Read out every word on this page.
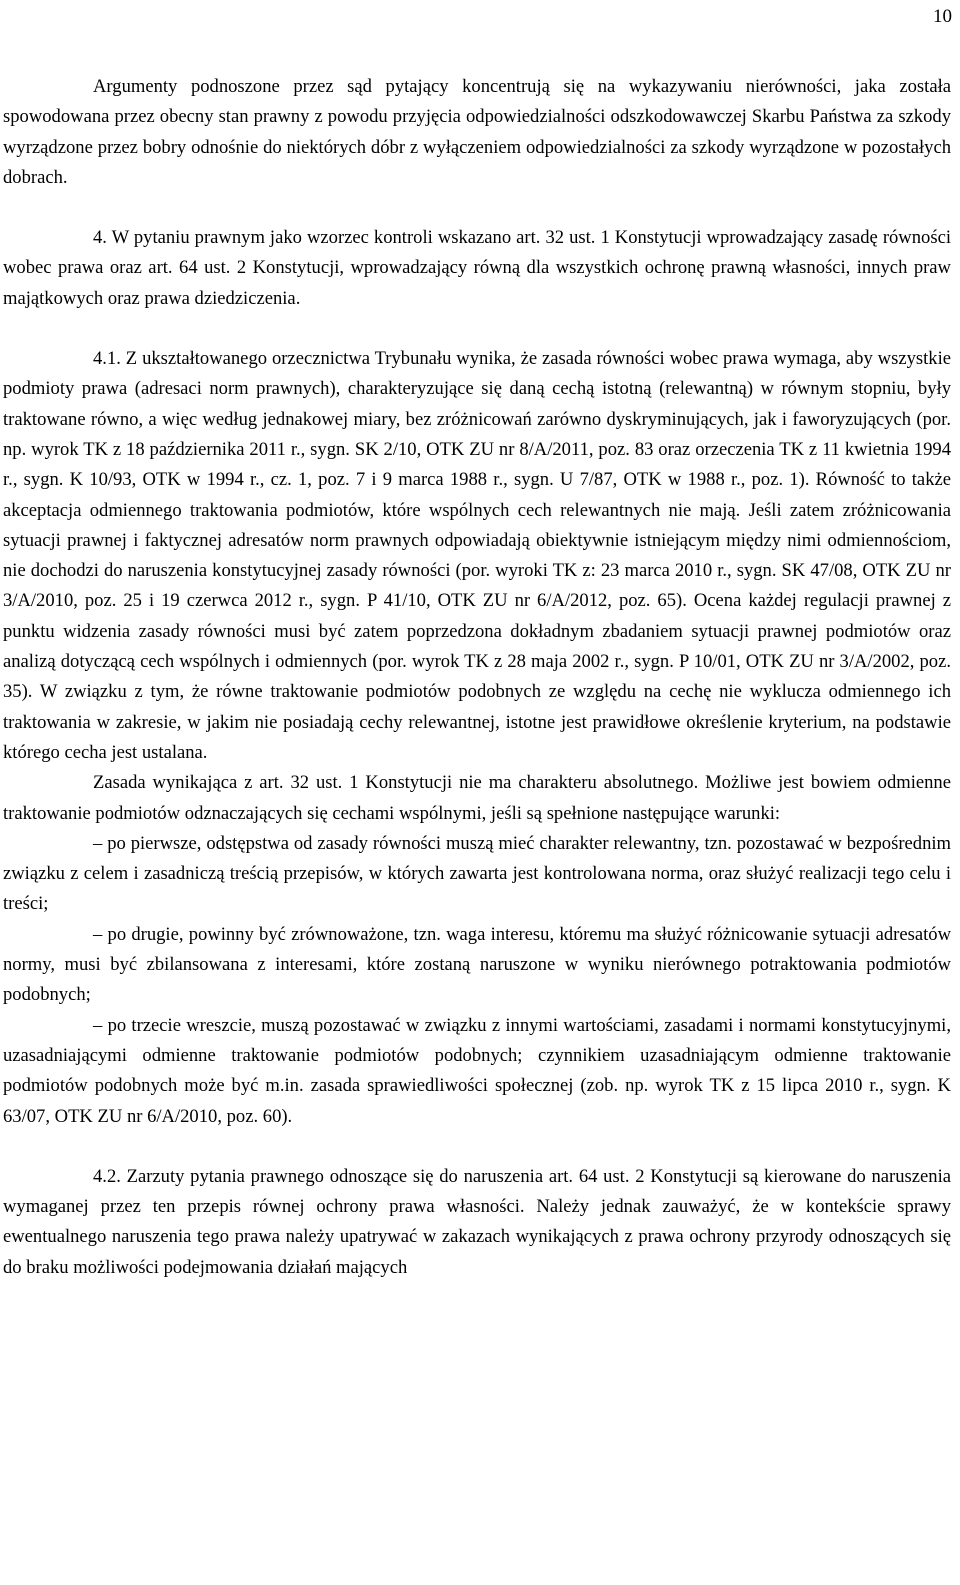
10

Argumenty podnoszone przez sąd pytający koncentrują się na wykazywaniu nierówności, jaka została spowodowana przez obecny stan prawny z powodu przyjęcia odpowiedzialności odszkodowawczej Skarbu Państwa za szkody wyrządzone przez bobry odnośnie do niektórych dóbr z wyłączeniem odpowiedzialności za szkody wyrządzone w pozostałych dobrach.

4. W pytaniu prawnym jako wzorzec kontroli wskazano art. 32 ust. 1 Konstytucji wprowadzający zasadę równości wobec prawa oraz art. 64 ust. 2 Konstytucji, wprowadzający równą dla wszystkich ochronę prawną własności, innych praw majątkowych oraz prawa dziedziczenia.

4.1. Z ukształtowanego orzecznictwa Trybunału wynika, że zasada równości wobec prawa wymaga, aby wszystkie podmioty prawa (adresaci norm prawnych), charakteryzujące się daną cechą istotną (relewantną) w równym stopniu, były traktowane równo, a więc według jednakowej miary, bez zróżnicowań zarówno dyskryminujących, jak i faworyzujących (por. np. wyrok TK z 18 października 2011 r., sygn. SK 2/10, OTK ZU nr 8/A/2011, poz. 83 oraz orzeczenia TK z 11 kwietnia 1994 r., sygn. K 10/93, OTK w 1994 r., cz. 1, poz. 7 i 9 marca 1988 r., sygn. U 7/87, OTK w 1988 r., poz. 1). Równość to także akceptacja odmiennego traktowania podmiotów, które wspólnych cech relewantnych nie mają. Jeśli zatem zróżnicowania sytuacji prawnej i faktycznej adresatów norm prawnych odpowiadają obiektywnie istniejącym między nimi odmiennościom, nie dochodzi do naruszenia konstytucyjnej zasady równości (por. wyroki TK z: 23 marca 2010 r., sygn. SK 47/08, OTK ZU nr 3/A/2010, poz. 25 i 19 czerwca 2012 r., sygn. P 41/10, OTK ZU nr 6/A/2012, poz. 65). Ocena każdej regulacji prawnej z punktu widzenia zasady równości musi być zatem poprzedzona dokładnym zbadaniem sytuacji prawnej podmiotów oraz analizą dotyczącą cech wspólnych i odmiennych (por. wyrok TK z 28 maja 2002 r., sygn. P 10/01, OTK ZU nr 3/A/2002, poz. 35). W związku z tym, że równe traktowanie podmiotów podobnych ze względu na cechę nie wyklucza odmiennego ich traktowania w zakresie, w jakim nie posiadają cechy relewantnej, istotne jest prawidłowe określenie kryterium, na podstawie którego cecha jest ustalana.

Zasada wynikająca z art. 32 ust. 1 Konstytucji nie ma charakteru absolutnego. Możliwe jest bowiem odmienne traktowanie podmiotów odznaczających się cechami wspólnymi, jeśli są spełnione następujące warunki:

– po pierwsze, odstępstwa od zasady równości muszą mieć charakter relewantny, tzn. pozostawać w bezpośrednim związku z celem i zasadniczą treścią przepisów, w których zawarta jest kontrolowana norma, oraz służyć realizacji tego celu i treści;

– po drugie, powinny być zrównoważone, tzn. waga interesu, któremu ma służyć różnicowanie sytuacji adresatów normy, musi być zbilansowana z interesami, które zostaną naruszone w wyniku nierównego potraktowania podmiotów podobnych;

– po trzecie wreszcie, muszą pozostawać w związku z innymi wartościami, zasadami i normami konstytucyjnymi, uzasadniającymi odmienne traktowanie podmiotów podobnych; czynnikiem uzasadniającym odmienne traktowanie podmiotów podobnych może być m.in. zasada sprawiedliwości społecznej (zob. np. wyrok TK z 15 lipca 2010 r., sygn. K 63/07, OTK ZU nr 6/A/2010, poz. 60).

4.2. Zarzuty pytania prawnego odnoszące się do naruszenia art. 64 ust. 2 Konstytucji są kierowane do naruszenia wymaganej przez ten przepis równej ochrony prawa własności. Należy jednak zauważyć, że w kontekście sprawy ewentualnego naruszenia tego prawa należy upatrywać w zakazach wynikających z prawa ochrony przyrody odnoszących się do braku możliwości podejmowania działań mających
